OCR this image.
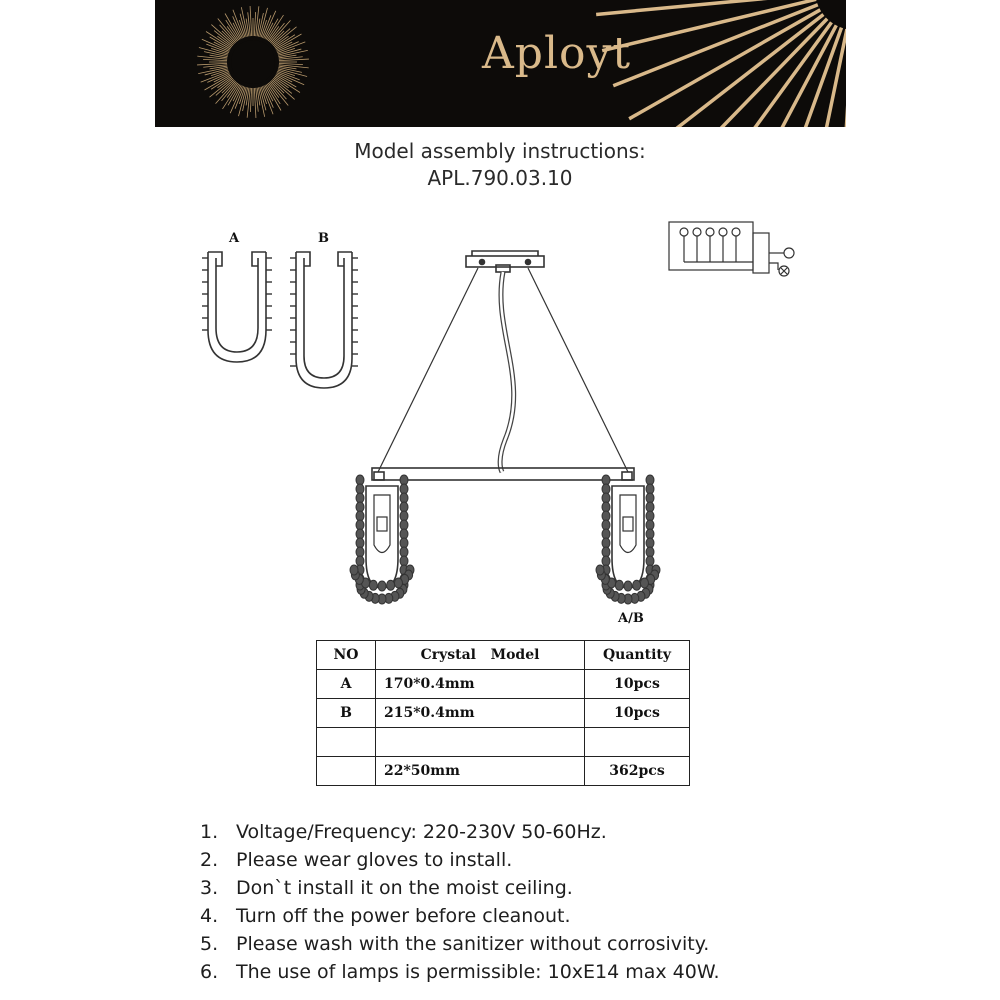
Aployt
Model assembly instructions:
APL.790.03.10
A	B
A/B
NO	Crystal   Model	Quantity
A	170*0.4mm	10pcs
B	215*0.4mm	10pcs

	22*50mm	362pcs
1. Voltage/Frequency: 220-230V 50-60Hz.
2. Please wear gloves to install.
3. Don`t install it on the moist ceiling.
4. Turn off the power before cleanout.
5. Please wash with the sanitizer without corrosivity.
6. The use of lamps is permissible: 10xE14 max 40W.
